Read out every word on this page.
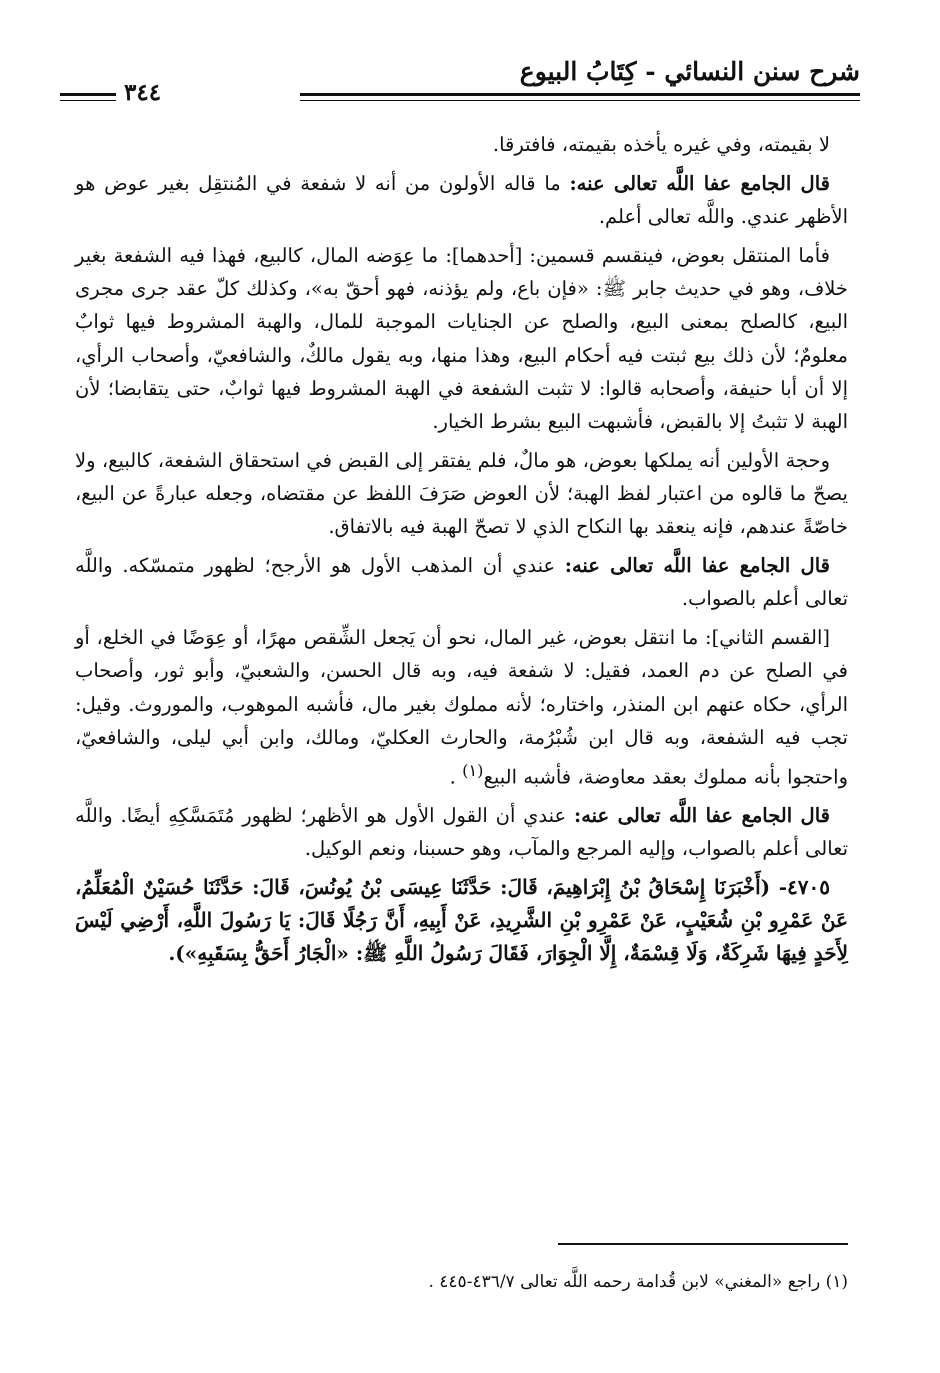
شرح سنن النسائي - كِتَابُ البيوع
٣٤٤

لا بقيمته، وفي غيره يأخذه بقيمته، فافترقا.

قال الجامع عفا اللَّه تعالى عنه: ما قاله الأولون من أنه لا شفعة في المُنتقِل بغير عوض هو الأظهر عندي. واللَّه تعالى أعلم.

فأما المنتقل بعوض، فينقسم قسمين: [أحدهما]: ما عِوَضه المال، كالبيع، فهذا فيه الشفعة بغير خلاف، وهو في حديث جابر ﷺ: «فإن باع، ولم يؤذنه، فهو أحقّ به»، وكذلك كلّ عقد جرى مجرى البيع، كالصلح بمعنى البيع، والصلح عن الجنايات الموجبة للمال، والهبة المشروط فيها ثوابٌ معلومٌ؛ لأن ذلك بيع ثبتت فيه أحكام البيع، وهذا منها، وبه يقول مالكٌ، والشافعيّ، وأصحاب الرأي، إلا أن أبا حنيفة، وأصحابه قالوا: لا تثبت الشفعة في الهبة المشروط فيها ثوابٌ، حتى يتقابضا؛ لأن الهبة لا تثبتُ إلا بالقبض، فأشبهت البيع بشرط الخيار.

وحجة الأولين أنه يملكها بعوض، هو مالٌ، فلم يفتقر إلى القبض في استحقاق الشفعة، كالبيع، ولا يصحّ ما قالوه من اعتبار لفظ الهبة؛ لأن العوض صَرَفَ اللفظ عن مقتضاه، وجعله عبارةً عن البيع، خاصّةً عندهم، فإنه ينعقد بها النكاح الذي لا تصحّ الهبة فيه بالاتفاق.

قال الجامع عفا اللَّه تعالى عنه: عندي أن المذهب الأول هو الأرجح؛ لظهور متمسّكه. واللَّه تعالى أعلم بالصواب.

[القسم الثاني]: ما انتقل بعوض، غير المال، نحو أن يَجعل الشِّقص مهرًا، أو عِوَضًا في الخلع، أو في الصلح عن دم العمد، فقيل: لا شفعة فيه، وبه قال الحسن، والشعبيّ، وأبو ثور، وأصحاب الرأي، حكاه عنهم ابن المنذر، واختاره؛ لأنه مملوك بغير مال، فأشبه الموهوب، والموروث. وقيل: تجب فيه الشفعة، وبه قال ابن شُبْرُمة، والحارث العكليّ، ومالك، وابن أبي ليلى، والشافعيّ، واحتجوا بأنه مملوك بعقد معاوضة، فأشبه البيع$^{(١)}$ .

قال الجامع عفا اللَّه تعالى عنه: عندي أن القول الأول هو الأظهر؛ لظهور مُتَمَسَّكِهِ أيضًا. واللَّه تعالى أعلم بالصواب، وإليه المرجع والمآب، وهو حسبنا، ونعم الوكيل.

٤٧٠٥- (أَخْبَرَنَا إِسْحَاقُ بْنُ إِبْرَاهِيمَ، قَالَ: حَدَّثَنَا عِيسَى بْنُ يُونُسَ، قَالَ: حَدَّثَنَا حُسَيْنٌ الْمُعَلِّمُ، عَنْ عَمْرِو بْنِ شُعَيْبٍ، عَنْ عَمْرِو بْنِ الشَّرِيدِ، عَنْ أَبِيهِ، أَنَّ رَجُلًا قَالَ: يَا رَسُولَ اللَّهِ، أَرْضِي لَيْسَ لِأَحَدٍ فِيهَا شَرِكَةٌ، وَلَا قِسْمَةٌ، إِلَّا الْجِوَارَ، فَقَالَ رَسُولُ اللَّهِ ﷺ: «الْجَارُ أَحَقُّ بِسَقَبِهِ»).

(١) راجع «المغني» لابن قُدامة رحمه اللَّه تعالى ٤٣٦/٧-٤٤٥ .
